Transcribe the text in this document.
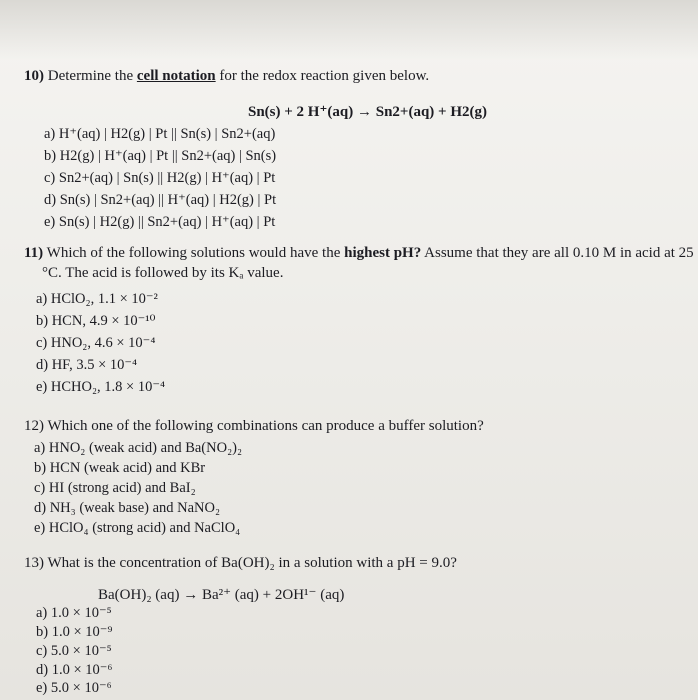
10) Determine the cell notation for the redox reaction given below.
Sn(s) + 2 H⁺(aq) → Sn2+(aq) + H2(g)
a) H⁺(aq) | H2(g) | Pt || Sn(s) | Sn2+(aq)
b) H2(g) | H⁺(aq) | Pt || Sn2+(aq) | Sn(s)
c) Sn2+(aq) | Sn(s) || H2(g) | H⁺(aq) | Pt
d) Sn(s) | Sn2+(aq) || H⁺(aq) | H2(g) | Pt
e) Sn(s) | H2(g) || Sn2+(aq) | H⁺(aq) | Pt
11) Which of the following solutions would have the highest pH? Assume that they are all 0.10 M in acid at 25
°C. The acid is followed by its Kₐ value.
a) HClO₂, 1.1 × 10⁻²
b) HCN, 4.9 × 10⁻¹⁰
c) HNO₂, 4.6 × 10⁻⁴
d) HF, 3.5 × 10⁻⁴
e) HCHO₂, 1.8 × 10⁻⁴
12) Which one of the following combinations can produce a buffer solution?
a) HNO₂ (weak acid) and Ba(NO₂)₂
b) HCN (weak acid) and KBr
c) HI (strong acid) and BaI₂
d) NH₃ (weak base) and NaNO₂
e) HClO₄ (strong acid) and NaClO₄
13) What is the concentration of Ba(OH)₂ in a solution with a pH = 9.0?
Ba(OH)₂ (aq) → Ba²⁺ (aq) + 2OH¹⁻ (aq)
a) 1.0 × 10⁻⁵
b) 1.0 × 10⁻⁹
c) 5.0 × 10⁻⁵
d) 1.0 × 10⁻⁶
e) 5.0 × 10⁻⁶
